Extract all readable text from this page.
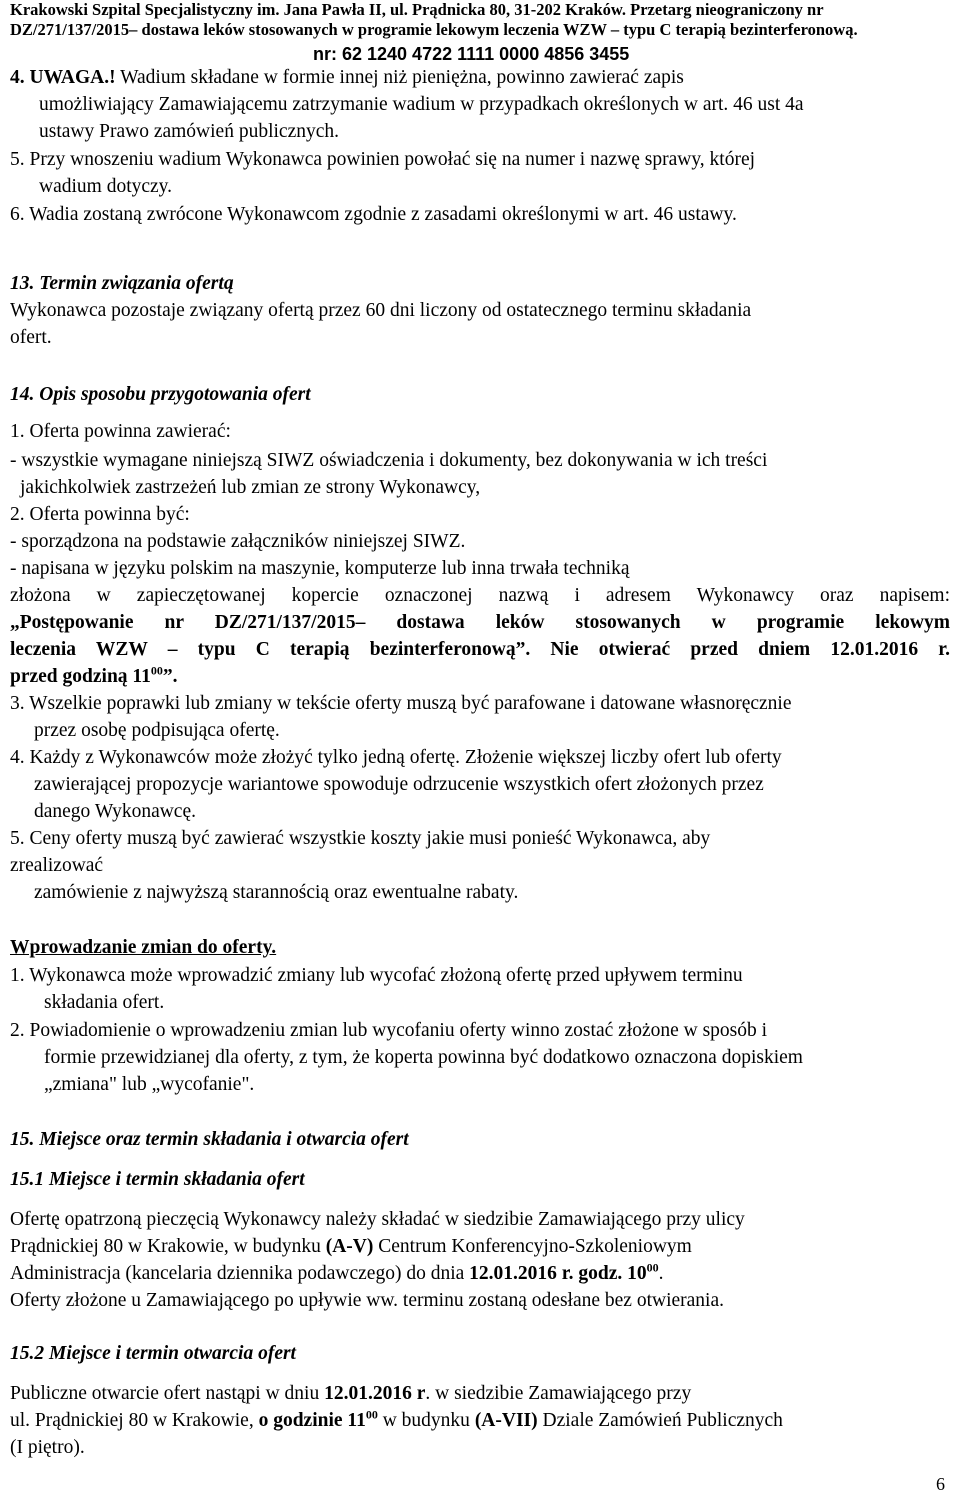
Krakowski Szpital Specjalistyczny im. Jana Pawła II, ul. Prądnicka 80, 31-202 Kraków. Przetarg nieograniczony nr
DZ/271/137/2015– dostawa leków stosowanych w programie lekowym leczenia WZW – typu C terapią bezinterferonową.
nr: 62 1240 4722 1111 0000 4856 3455
4. UWAGA.! Wadium składane w formie innej niż pieniężna, powinno zawierać zapis
umożliwiający Zamawiającemu zatrzymanie wadium w przypadkach określonych w art. 46 ust 4a
ustawy Prawo zamówień publicznych.
5. Przy wnoszeniu wadium Wykonawca powinien powołać się na numer i nazwę sprawy, której
wadium dotyczy.
6. Wadia zostaną zwrócone Wykonawcom zgodnie z zasadami określonymi w art. 46 ustawy.
13. Termin związania ofertą
Wykonawca pozostaje związany ofertą przez 60 dni liczony od ostatecznego terminu składania
ofert.
14. Opis sposobu przygotowania ofert
1. Oferta powinna zawierać:
- wszystkie wymagane niniejszą SIWZ oświadczenia i dokumenty, bez dokonywania w ich treści
jakichkolwiek zastrzeżeń lub zmian ze strony Wykonawcy,
2. Oferta powinna być:
- sporządzona na podstawie załączników niniejszej SIWZ.
- napisana w języku polskim na maszynie, komputerze lub inna trwała techniką
złożona w zapieczętowanej kopercie oznaczonej nazwą i adresem Wykonawcy oraz napisem:
„Postępowanie nr DZ/271/137/2015– dostawa leków stosowanych w programie lekowym
leczenia WZW – typu C terapią bezinterferonową”. Nie otwierać przed dniem 12.01.2016 r.
przed godziną $11^{00}$”.
3. Wszelkie poprawki lub zmiany w tekście oferty muszą być parafowane i datowane własnoręcznie
przez osobę podpisująca ofertę.
4. Każdy z Wykonawców może złożyć tylko jedną ofertę. Złożenie większej liczby ofert lub oferty
zawierającej propozycje wariantowe spowoduje odrzucenie wszystkich ofert złożonych przez
danego Wykonawcę.
5. Ceny oferty muszą być zawierać wszystkie koszty jakie musi ponieść Wykonawca, aby
zrealizować
zamówienie z najwyższą starannością oraz ewentualne rabaty.
Wprowadzanie zmian do oferty.
1. Wykonawca może wprowadzić zmiany lub wycofać złożoną ofertę przed upływem terminu
składania ofert.
2. Powiadomienie o wprowadzeniu zmian lub wycofaniu oferty winno zostać złożone w sposób i
formie przewidzianej dla oferty, z tym, że koperta powinna być dodatkowo oznaczona dopiskiem
„zmiana" lub „wycofanie".
15. Miejsce oraz termin składania i otwarcia ofert
15.1 Miejsce i termin składania ofert
Ofertę opatrzoną pieczęcią Wykonawcy należy składać w siedzibie Zamawiającego przy ulicy
Prądnickiej 80 w Krakowie, w budynku (A-V) Centrum Konferencyjno-Szkoleniowym
Administracja (kancelaria dziennika podawczego) do dnia 12.01.2016 r. godz. $10^{00}$.
Oferty złożone u Zamawiającego po upływie ww. terminu zostaną odesłane bez otwierania.
15.2 Miejsce i termin otwarcia ofert
Publiczne otwarcie ofert nastąpi w dniu 12.01.2016 r. w siedzibie Zamawiającego przy
ul. Prądnickiej 80 w Krakowie, o godzinie $11^{00}$ w budynku (A-VII) Dziale Zamówień Publicznych
(I piętro).
6
